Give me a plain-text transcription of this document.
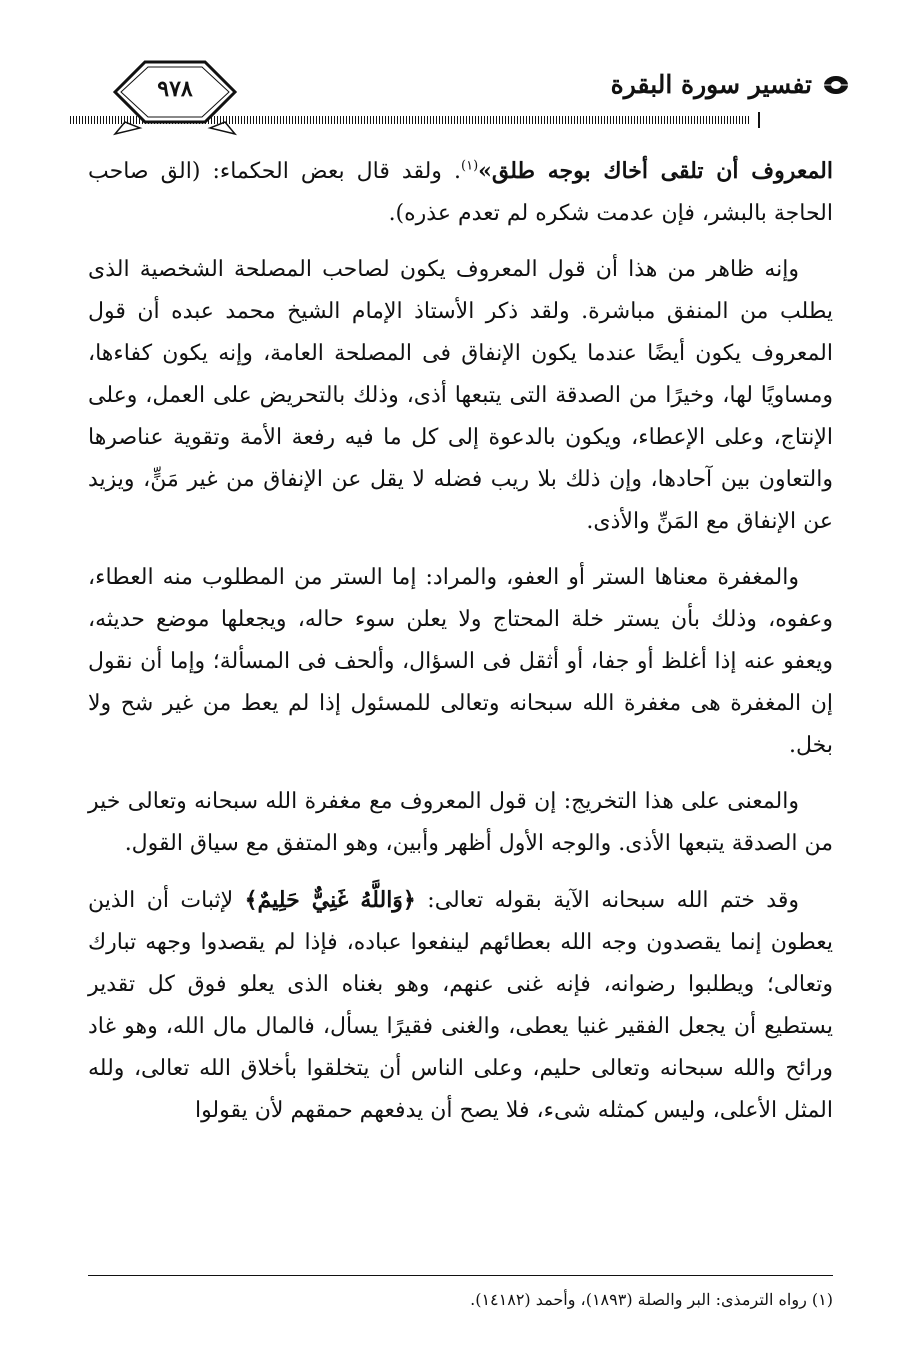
تفسير سورة البقرة
٩٧٨

المعروف أن تلقى أخاك بوجه طلق»$^{(١)}$. ولقد قال بعض الحكماء: (الق صاحب الحاجة بالبشر، فإن عدمت شكره لم تعدم عذره).

وإنه ظاهر من هذا أن قول المعروف يكون لصاحب المصلحة الشخصية الذى يطلب من المنفق مباشرة. ولقد ذكر الأستاذ الإمام الشيخ محمد عبده أن قول المعروف يكون أيضًا عندما يكون الإنفاق فى المصلحة العامة، وإنه يكون كفاءها، ومساويًا لها، وخيرًا من الصدقة التى يتبعها أذى، وذلك بالتحريض على العمل، وعلى الإنتاج، وعلى الإعطاء، ويكون بالدعوة إلى كل ما فيه رفعة الأمة وتقوية عناصرها والتعاون بين آحادها، وإن ذلك بلا ريب فضله لا يقل عن الإنفاق من غير مَنٍّ، ويزيد عن الإنفاق مع المَنِّ والأذى.

والمغفرة معناها الستر أو العفو، والمراد: إما الستر من المطلوب منه العطاء، وعفوه، وذلك بأن يستر خلة المحتاج ولا يعلن سوء حاله، ويجعلها موضع حديثه، ويعفو عنه إذا أغلظ أو جفا، أو أثقل فى السؤال، وألحف فى المسألة؛ وإما أن نقول إن المغفرة هى مغفرة الله سبحانه وتعالى للمسئول إذا لم يعط من غير شح ولا بخل.

والمعنى على هذا التخريج: إن قول المعروف مع مغفرة الله سبحانه وتعالى خير من الصدقة يتبعها الأذى. والوجه الأول أظهر وأبين، وهو المتفق مع سياق القول.

وقد ختم الله سبحانه الآية بقوله تعالى: ﴿وَاللَّهُ غَنِيٌّ حَلِيمٌ﴾ لإثبات أن الذين يعطون إنما يقصدون وجه الله بعطائهم لينفعوا عباده، فإذا لم يقصدوا وجهه تبارك وتعالى؛ ويطلبوا رضوانه، فإنه غنى عنهم، وهو بغناه الذى يعلو فوق كل تقدير يستطيع أن يجعل الفقير غنيا يعطى، والغنى فقيرًا يسأل، فالمال مال الله، وهو غاد ورائح والله سبحانه وتعالى حليم، وعلى الناس أن يتخلقوا بأخلاق الله تعالى، ولله المثل الأعلى، وليس كمثله شىء، فلا يصح أن يدفعهم حمقهم لأن يقولوا

(١) رواه الترمذى: البر والصلة (١٨٩٣)، وأحمد (١٤١٨٢).
